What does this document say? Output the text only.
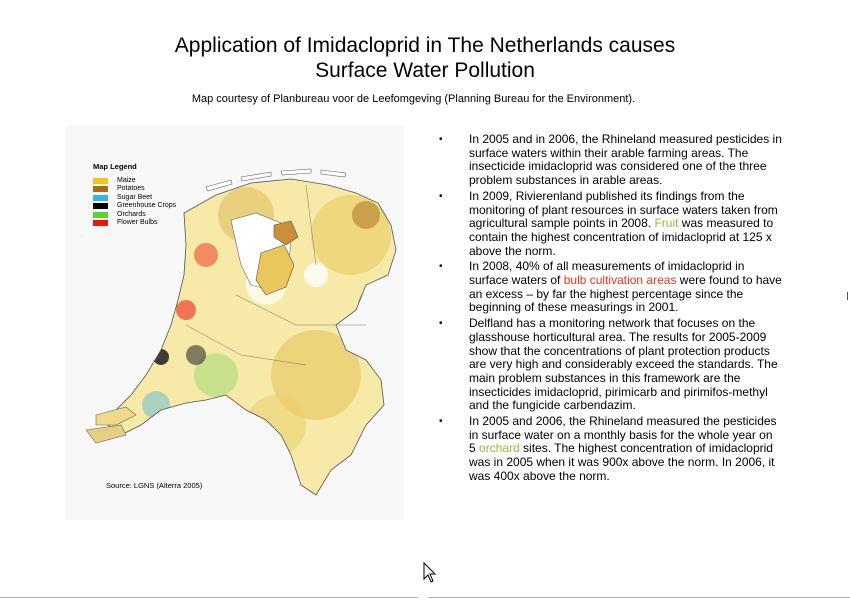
Application of Imidacloprid in The Netherlands causes
Surface Water Pollution

Map courtesy of Planbureau voor de Leefomgeving (Planning Bureau for the Environment).

Map Legend
Maize
Potatoes
Sugar Beet
Greenhouse Crops
Orchards
Flower Bulbs
Source: LGNS (Alterra 2005)
• In 2005 and in 2006, the Rhineland measured pesticides in surface waters within their arable farming areas. The insecticide imidacloprid was considered one of the three problem substances in arable areas.
• In 2009, Rivierenland published its findings from the monitoring of plant resources in surface waters taken from agricultural sample points in 2008. Fruit was measured to contain the highest concentration of imidacloprid at 125 x above the norm.
• In 2008, 40% of all measurements of imidacloprid in surface waters of bulb cultivation areas were found to have an excess – by far the highest percentage since the beginning of these measurings in 2001.
• Delfland has a monitoring network that focuses on the glasshouse horticultural area. The results for 2005-2009 show that the concentrations of plant protection products are very high and considerably exceed the standards. The main problem substances in this framework are the insecticides imidacloprid, pirimicarb and pirimifos-methyl and the fungicide carbendazim.
• In 2005 and 2006, the Rhineland measured the pesticides in surface water on a monthly basis for the whole year on 5 orchard sites. The highest concentration of imidacloprid was in 2005 when it was 900x above the norm. In 2006, it was 400x above the norm.
